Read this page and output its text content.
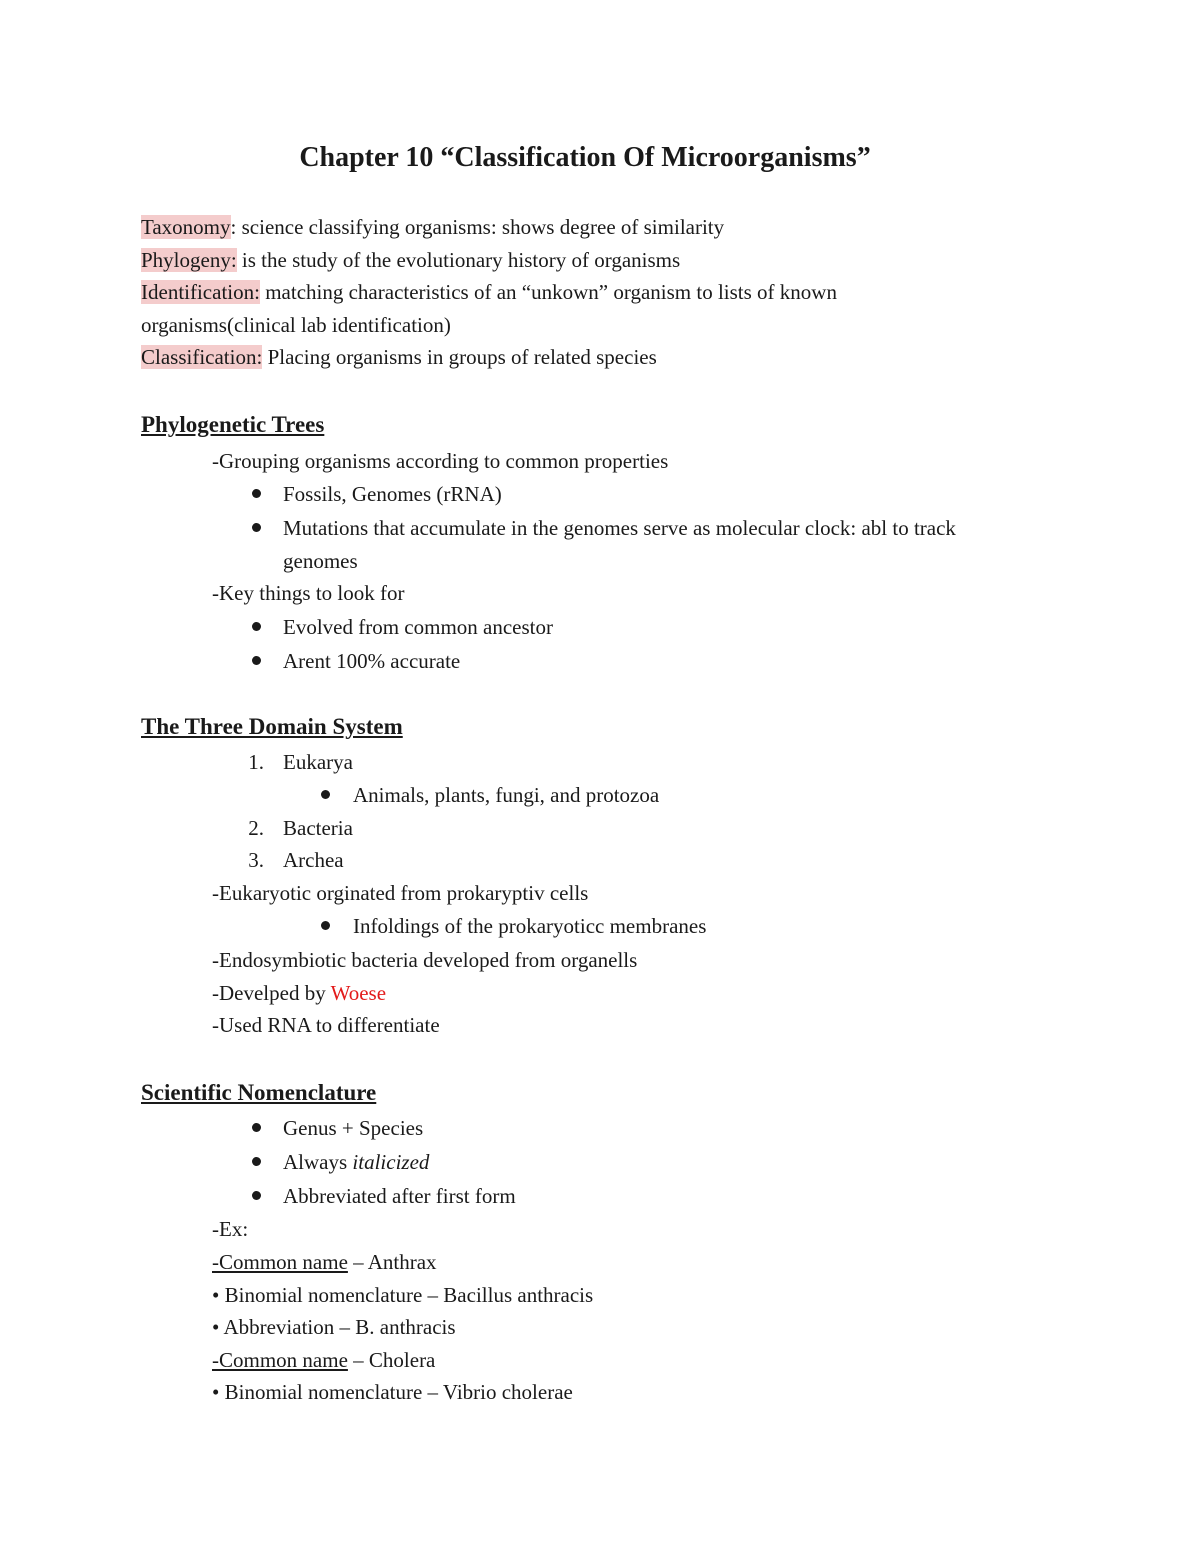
Chapter 10 “Classification Of Microorganisms”
Taxonomy: science classifying organisms: shows degree of similarity
Phylogeny: is the study of the evolutionary history of organisms
Identification: matching characteristics of an “unkown” organism to lists of known
organisms(clinical lab identification)
Classification: Placing organisms in groups of related species
Phylogenetic Trees
-Grouping organisms according to common properties
Fossils, Genomes (rRNA)
Mutations that accumulate in the genomes serve as molecular clock: abl to track
genomes
-Key things to look for
Evolved from common ancestor
Arent 100% accurate
The Three Domain System
1. Eukarya
Animals, plants, fungi, and protozoa
2. Bacteria
3. Archea
-Eukaryotic orginated from prokaryptiv cells
Infoldings of the prokaryoticc membranes
-Endosymbiotic bacteria developed from organells
-Develped by Woese
-Used RNA to differentiate
Scientific Nomenclature
Genus + Species
Always italicized
Abbreviated after first form
-Ex:
-Common name – Anthrax
• Binomial nomenclature – Bacillus anthracis
• Abbreviation – B. anthracis
-Common name – Cholera
• Binomial nomenclature – Vibrio cholerae
